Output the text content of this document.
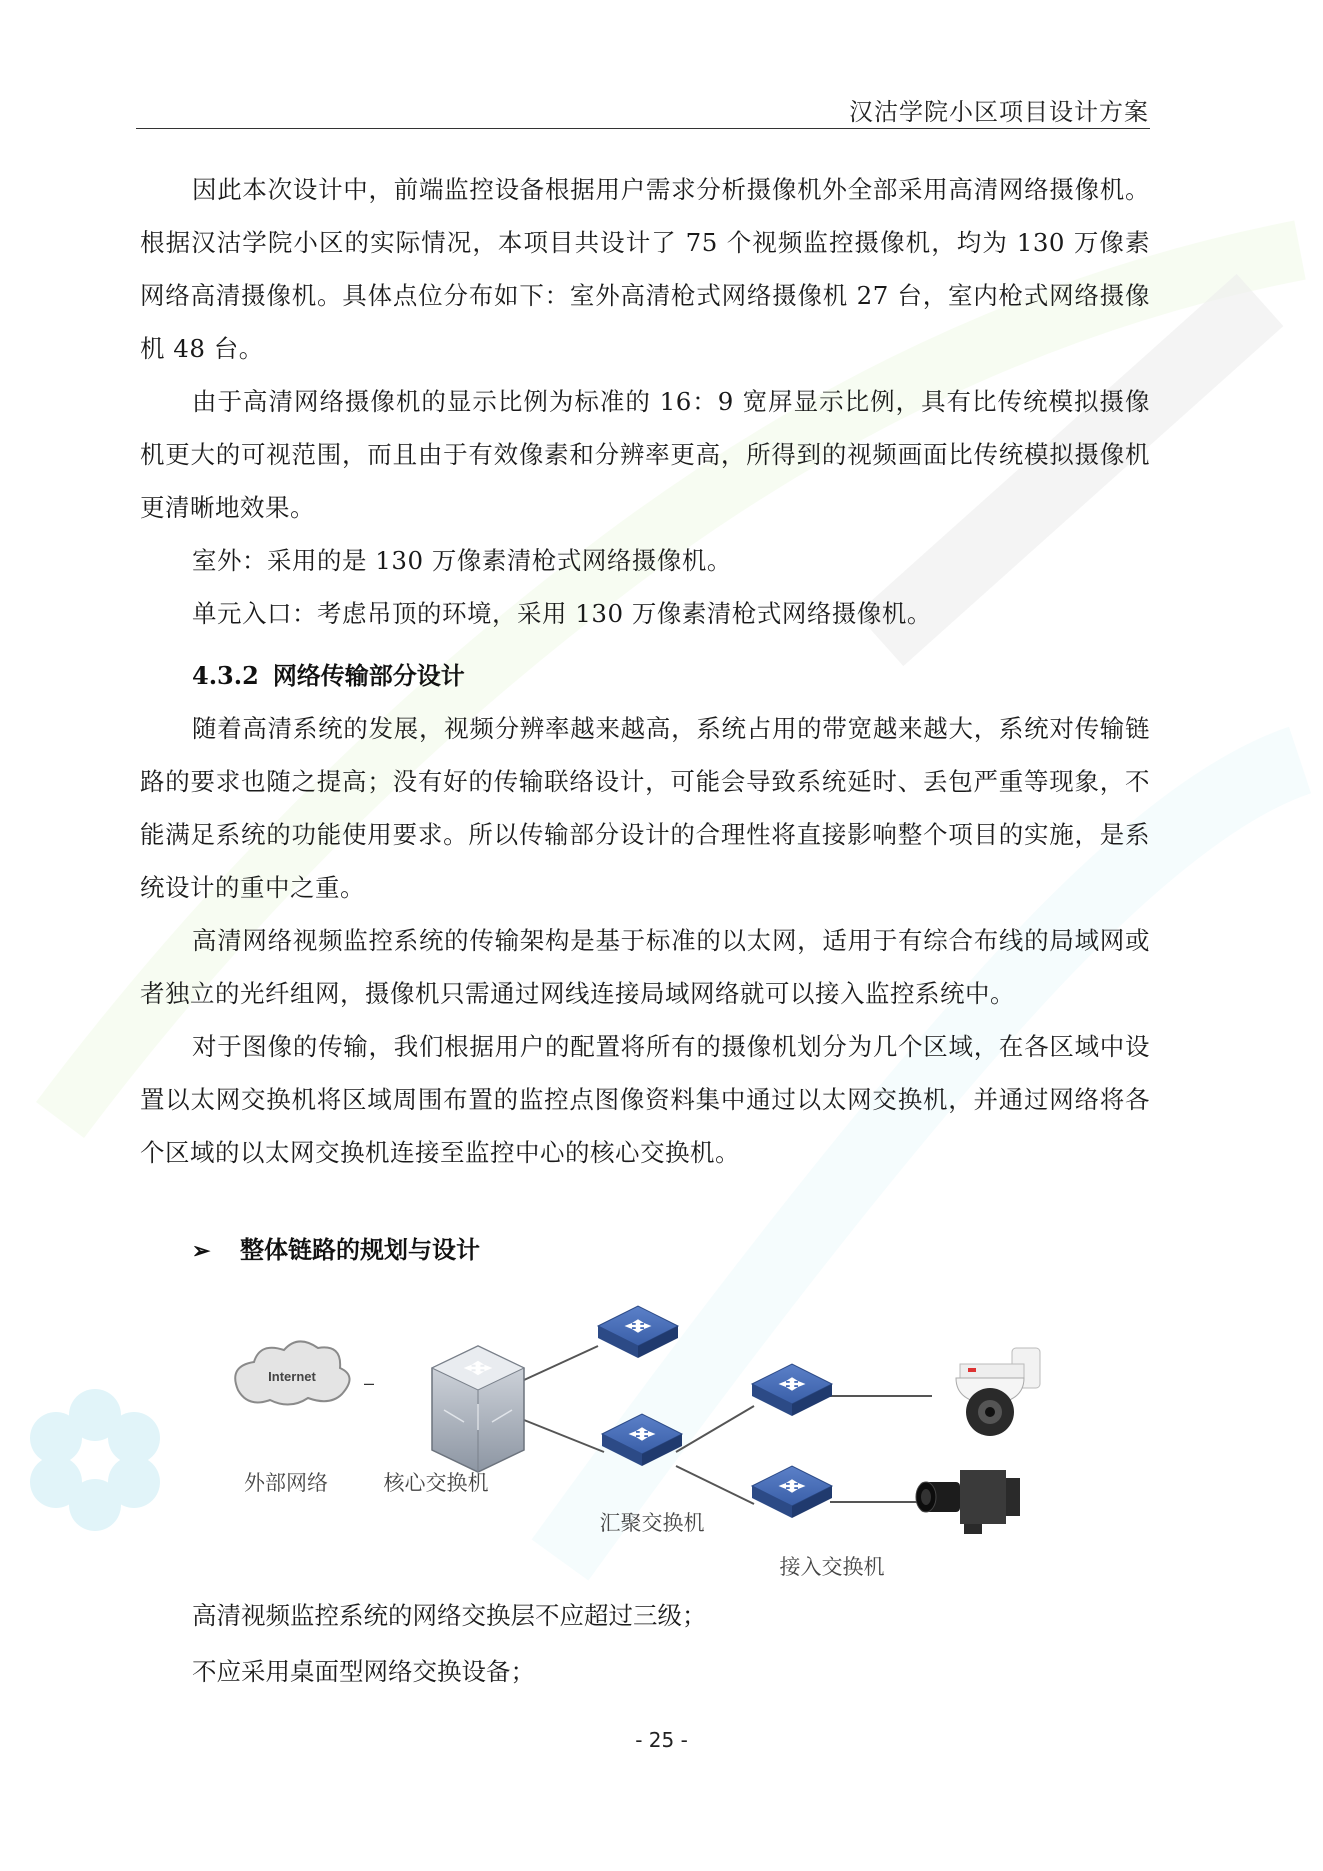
汉沽学院小区项目设计方案

因此本次设计中，前端监控设备根据用户需求分析摄像机外全部采用高清网络摄像机。根据汉沽学院小区的实际情况，本项目共设计了 75 个视频监控摄像机，均为 130 万像素网络高清摄像机。具体点位分布如下：室外高清枪式网络摄像机 27 台，室内枪式网络摄像机 48 台。

由于高清网络摄像机的显示比例为标准的 16：9 宽屏显示比例，具有比传统模拟摄像机更大的可视范围，而且由于有效像素和分辨率更高，所得到的视频画面比传统模拟摄像机更清晰地效果。

室外：采用的是 130 万像素清枪式网络摄像机。

单元入口：考虑吊顶的环境，采用 130 万像素清枪式网络摄像机。

4.3.2 网络传输部分设计

随着高清系统的发展，视频分辨率越来越高，系统占用的带宽越来越大，系统对传输链路的要求也随之提高；没有好的传输联络设计，可能会导致系统延时、丢包严重等现象，不能满足系统的功能使用要求。所以传输部分设计的合理性将直接影响整个项目的实施，是系统设计的重中之重。

高清网络视频监控系统的传输架构是基于标准的以太网，适用于有综合布线的局域网或者独立的光纤组网，摄像机只需通过网线连接局域网络就可以接入监控系统中。

对于图像的传输，我们根据用户的配置将所有的摄像机划分为几个区域，在各区域中设置以太网交换机将区域周围布置的监控点图像资料集中通过以太网交换机，并通过网络将各个区域的以太网交换机连接至监控中心的核心交换机。

➢ 整体链路的规划与设计
Internet	–
外部网络	核心交换机
汇聚交换机
接入交换机

高清视频监控系统的网络交换层不应超过三级；

不应采用桌面型网络交换设备；

- 25 -
